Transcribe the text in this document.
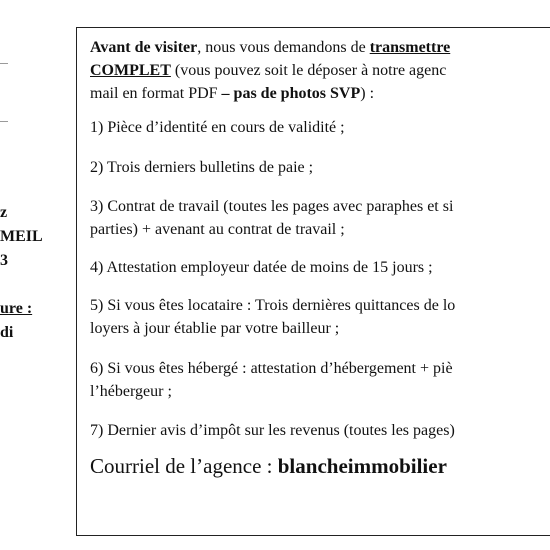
z
MEIL
3
ure :
di
Avant de visiter, nous vous demandons de transmettre
COMPLET (vous pouvez soit le déposer à notre agenc
mail en format PDF – pas de photos SVP) :
1) Pièce d’identité en cours de validité ;
2) Trois derniers bulletins de paie ;
3) Contrat de travail (toutes les pages avec paraphes et si
parties) + avenant au contrat de travail ;
4) Attestation employeur datée de moins de 15 jours ;
5) Si vous êtes locataire : Trois dernières quittances de lo
loyers à jour établie par votre bailleur ;
6) Si vous êtes hébergé : attestation d’hébergement + piè
l’hébergeur ;
7) Dernier avis d’impôt sur les revenus (toutes les pages)
Courriel de l’agence : blancheimmobilier
